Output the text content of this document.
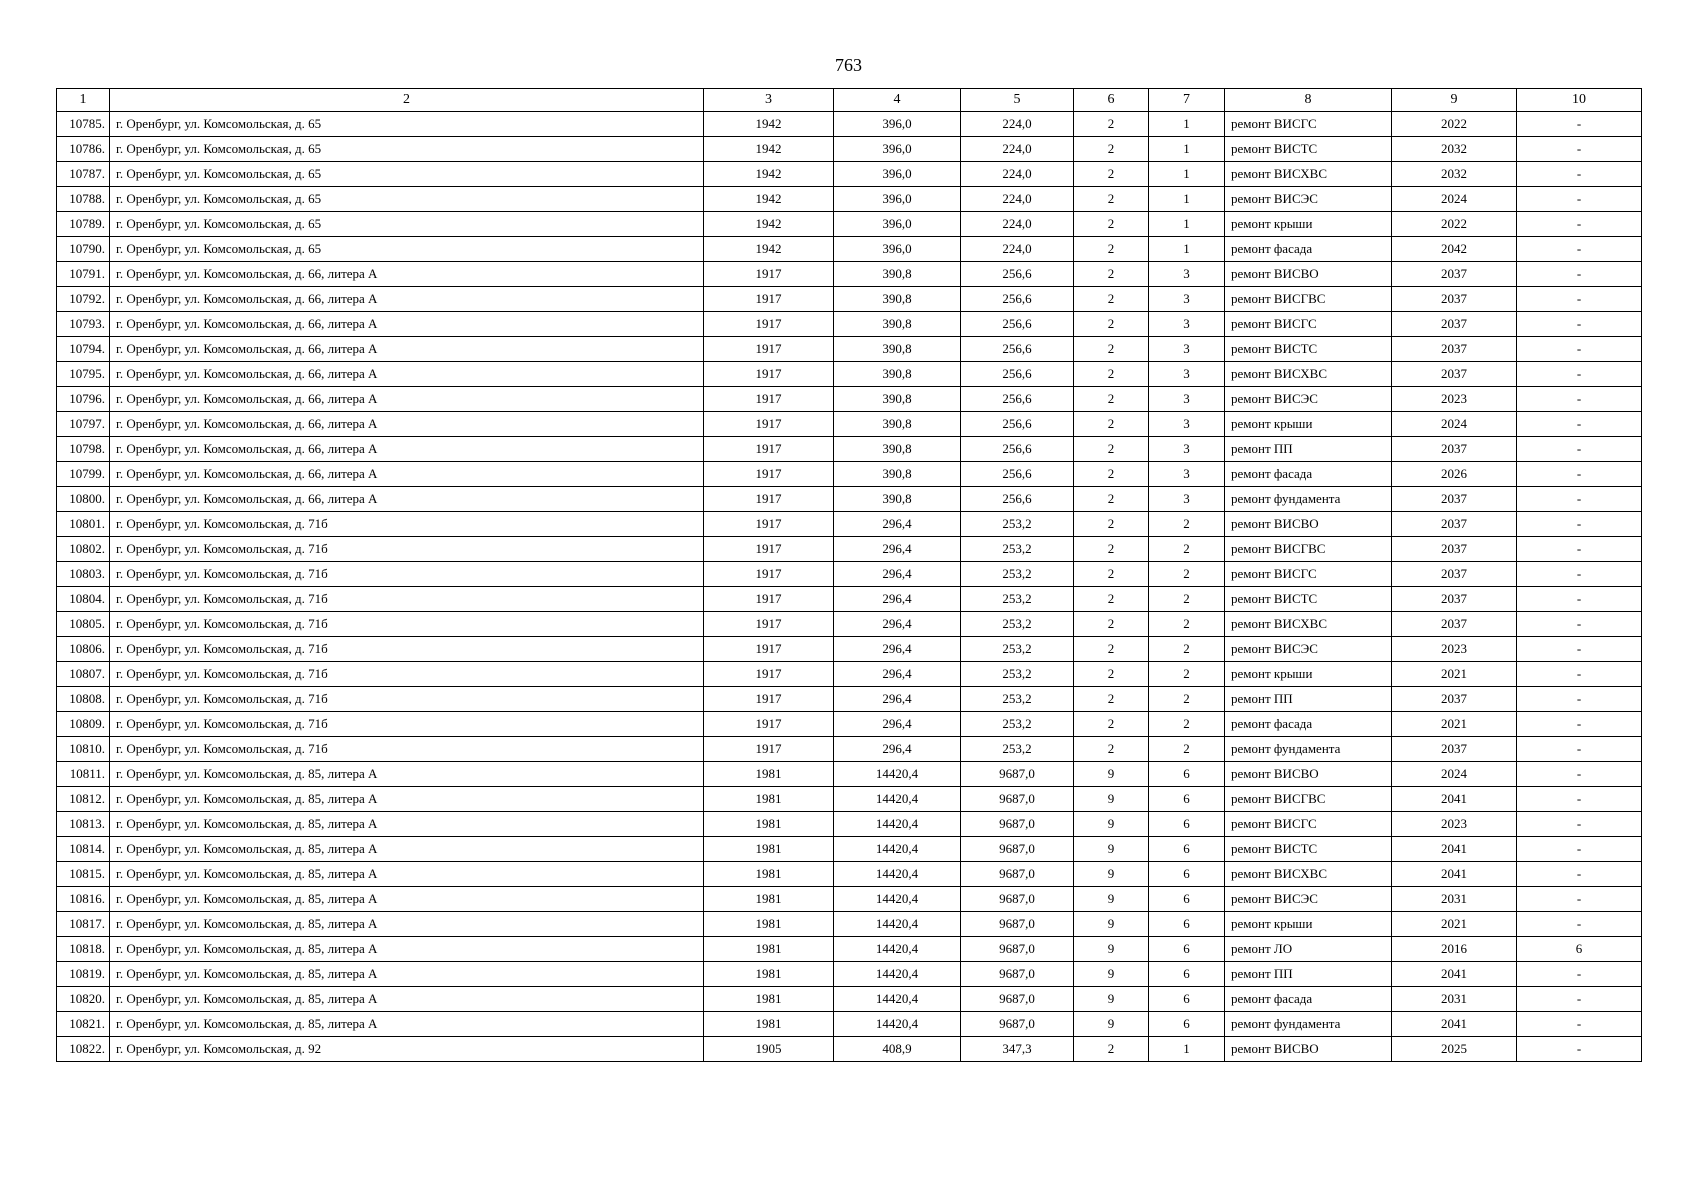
763
1	2	3	4	5	6	7	8	9	10
10785.	г. Оренбург, ул. Комсомольская, д. 65	1942	396,0	224,0	2	1	ремонт ВИСГС	2022	-
10786.	г. Оренбург, ул. Комсомольская, д. 65	1942	396,0	224,0	2	1	ремонт ВИСТС	2032	-
10787.	г. Оренбург, ул. Комсомольская, д. 65	1942	396,0	224,0	2	1	ремонт ВИСХВС	2032	-
10788.	г. Оренбург, ул. Комсомольская, д. 65	1942	396,0	224,0	2	1	ремонт ВИСЭС	2024	-
10789.	г. Оренбург, ул. Комсомольская, д. 65	1942	396,0	224,0	2	1	ремонт крыши	2022	-
10790.	г. Оренбург, ул. Комсомольская, д. 65	1942	396,0	224,0	2	1	ремонт фасада	2042	-
10791.	г. Оренбург, ул. Комсомольская, д. 66, литера А	1917	390,8	256,6	2	3	ремонт ВИСВО	2037	-
10792.	г. Оренбург, ул. Комсомольская, д. 66, литера А	1917	390,8	256,6	2	3	ремонт ВИСГВС	2037	-
10793.	г. Оренбург, ул. Комсомольская, д. 66, литера А	1917	390,8	256,6	2	3	ремонт ВИСГС	2037	-
10794.	г. Оренбург, ул. Комсомольская, д. 66, литера А	1917	390,8	256,6	2	3	ремонт ВИСТС	2037	-
10795.	г. Оренбург, ул. Комсомольская, д. 66, литера А	1917	390,8	256,6	2	3	ремонт ВИСХВС	2037	-
10796.	г. Оренбург, ул. Комсомольская, д. 66, литера А	1917	390,8	256,6	2	3	ремонт ВИСЭС	2023	-
10797.	г. Оренбург, ул. Комсомольская, д. 66, литера А	1917	390,8	256,6	2	3	ремонт крыши	2024	-
10798.	г. Оренбург, ул. Комсомольская, д. 66, литера А	1917	390,8	256,6	2	3	ремонт ПП	2037	-
10799.	г. Оренбург, ул. Комсомольская, д. 66, литера А	1917	390,8	256,6	2	3	ремонт фасада	2026	-
10800.	г. Оренбург, ул. Комсомольская, д. 66, литера А	1917	390,8	256,6	2	3	ремонт фундамента	2037	-
10801.	г. Оренбург, ул. Комсомольская, д. 71б	1917	296,4	253,2	2	2	ремонт ВИСВО	2037	-
10802.	г. Оренбург, ул. Комсомольская, д. 71б	1917	296,4	253,2	2	2	ремонт ВИСГВС	2037	-
10803.	г. Оренбург, ул. Комсомольская, д. 71б	1917	296,4	253,2	2	2	ремонт ВИСГС	2037	-
10804.	г. Оренбург, ул. Комсомольская, д. 71б	1917	296,4	253,2	2	2	ремонт ВИСТС	2037	-
10805.	г. Оренбург, ул. Комсомольская, д. 71б	1917	296,4	253,2	2	2	ремонт ВИСХВС	2037	-
10806.	г. Оренбург, ул. Комсомольская, д. 71б	1917	296,4	253,2	2	2	ремонт ВИСЭС	2023	-
10807.	г. Оренбург, ул. Комсомольская, д. 71б	1917	296,4	253,2	2	2	ремонт крыши	2021	-
10808.	г. Оренбург, ул. Комсомольская, д. 71б	1917	296,4	253,2	2	2	ремонт ПП	2037	-
10809.	г. Оренбург, ул. Комсомольская, д. 71б	1917	296,4	253,2	2	2	ремонт фасада	2021	-
10810.	г. Оренбург, ул. Комсомольская, д. 71б	1917	296,4	253,2	2	2	ремонт фундамента	2037	-
10811.	г. Оренбург, ул. Комсомольская, д. 85, литера А	1981	14420,4	9687,0	9	6	ремонт ВИСВО	2024	-
10812.	г. Оренбург, ул. Комсомольская, д. 85, литера А	1981	14420,4	9687,0	9	6	ремонт ВИСГВС	2041	-
10813.	г. Оренбург, ул. Комсомольская, д. 85, литера А	1981	14420,4	9687,0	9	6	ремонт ВИСГС	2023	-
10814.	г. Оренбург, ул. Комсомольская, д. 85, литера А	1981	14420,4	9687,0	9	6	ремонт ВИСТС	2041	-
10815.	г. Оренбург, ул. Комсомольская, д. 85, литера А	1981	14420,4	9687,0	9	6	ремонт ВИСХВС	2041	-
10816.	г. Оренбург, ул. Комсомольская, д. 85, литера А	1981	14420,4	9687,0	9	6	ремонт ВИСЭС	2031	-
10817.	г. Оренбург, ул. Комсомольская, д. 85, литера А	1981	14420,4	9687,0	9	6	ремонт крыши	2021	-
10818.	г. Оренбург, ул. Комсомольская, д. 85, литера А	1981	14420,4	9687,0	9	6	ремонт ЛО	2016	6
10819.	г. Оренбург, ул. Комсомольская, д. 85, литера А	1981	14420,4	9687,0	9	6	ремонт ПП	2041	-
10820.	г. Оренбург, ул. Комсомольская, д. 85, литера А	1981	14420,4	9687,0	9	6	ремонт фасада	2031	-
10821.	г. Оренбург, ул. Комсомольская, д. 85, литера А	1981	14420,4	9687,0	9	6	ремонт фундамента	2041	-
10822.	г. Оренбург, ул. Комсомольская, д. 92	1905	408,9	347,3	2	1	ремонт ВИСВО	2025	-
